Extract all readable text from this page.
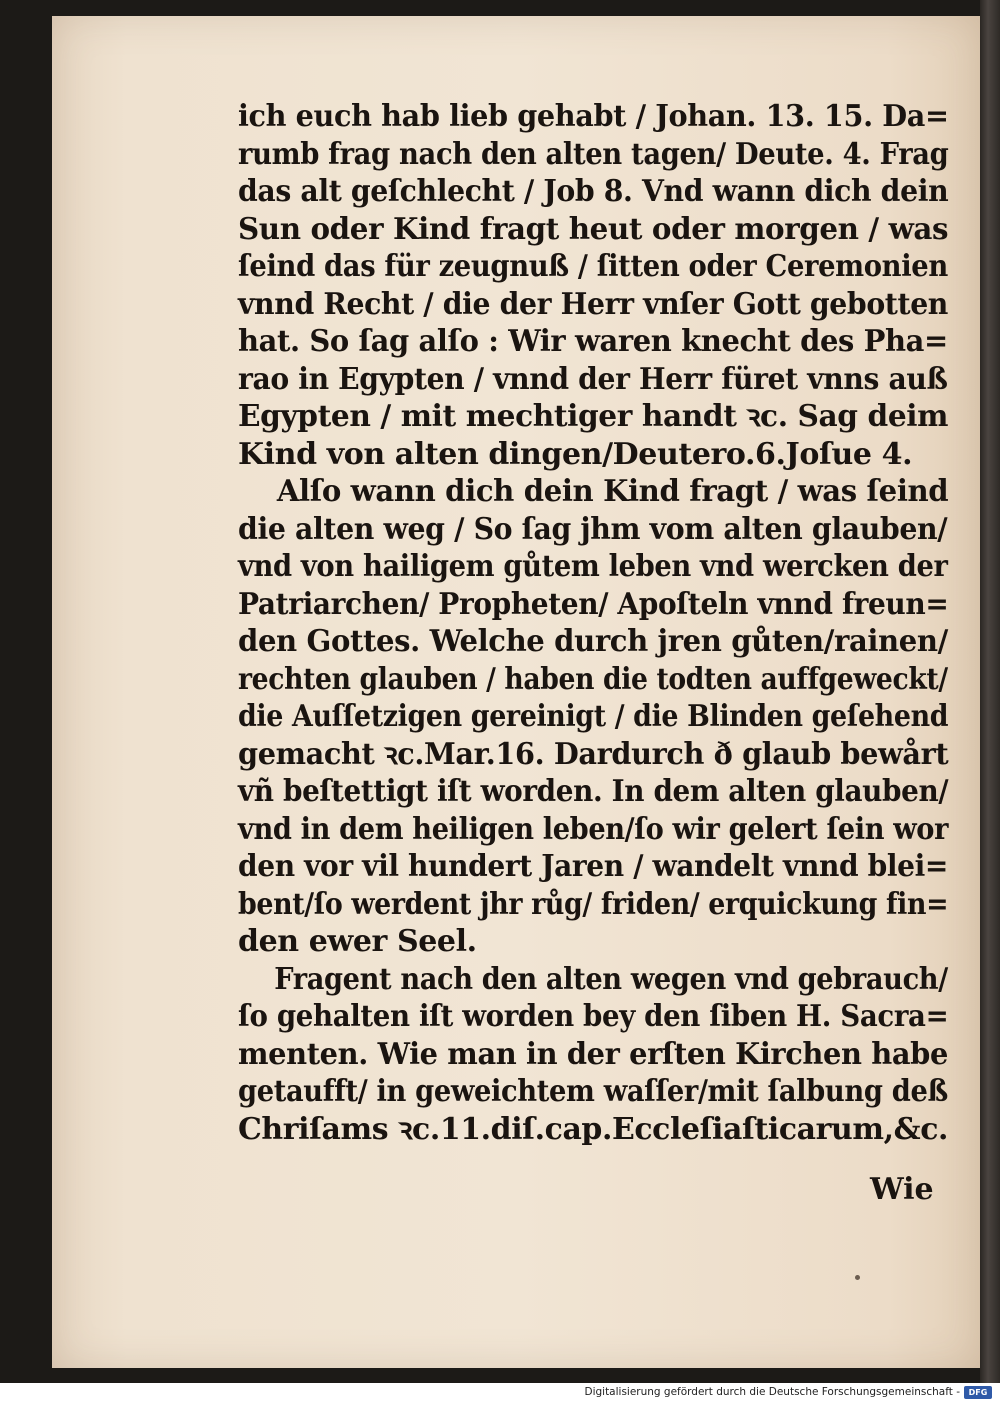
ich euch hab lieb gehabt / Johan. 13. 15. Da=
rumb frag nach den alten tagen/ Deute. 4. Frag
das alt geſchlecht / Job 8. Vnd wann dich dein
Sun oder Kind fragt heut oder morgen / was
ſeind das für zeugnuß / ſitten oder Ceremonien
vnnd Recht / die der Herr vnſer Gott gebotten
hat. So ſag alſo : Wir waren knecht des Pha=
rao in Egypten / vnnd der Herr füret vnns auß
Egypten / mit mechtiger handt ꝛc. Sag deim
Kind von alten dingen/Deutero.6.Joſue 4.
Alſo wann dich dein Kind fragt / was ſeind
die alten weg / So ſag jhm vom alten glauben/
vnd von hailigem gůtem leben vnd wercken der
Patriarchen/ Propheten/ Apoſteln vnnd freun=
den Gottes. Welche durch jren gůten/rainen/
rechten glauben / haben die todten auffgeweckt/
die Auſſetzigen gereinigt / die Blinden geſehend
gemacht ꝛc.Mar.16. Dardurch ð glaub bewårt
vñ beſtettigt iſt worden. In dem alten glauben/
vnd in dem heiligen leben/ſo wir gelert ſein wor
den vor vil hundert Jaren / wandelt vnnd blei=
bent/ſo werdent jhr růg/ friden/ erquickung fin=
den ewer Seel.
Fragent nach den alten wegen vnd gebrauch/
ſo gehalten iſt worden bey den ſiben H. Sacra=
menten. Wie man in der erſten Kirchen habe
getaufft/ in geweichtem waſſer/mit ſalbung deß
Chriſams ꝛc.11.diſ.cap.Eccleſiaſticarum,&c.
Wie
Digitalisierung gefördert durch die Deutsche Forschungsgemeinschaft -	DFG
